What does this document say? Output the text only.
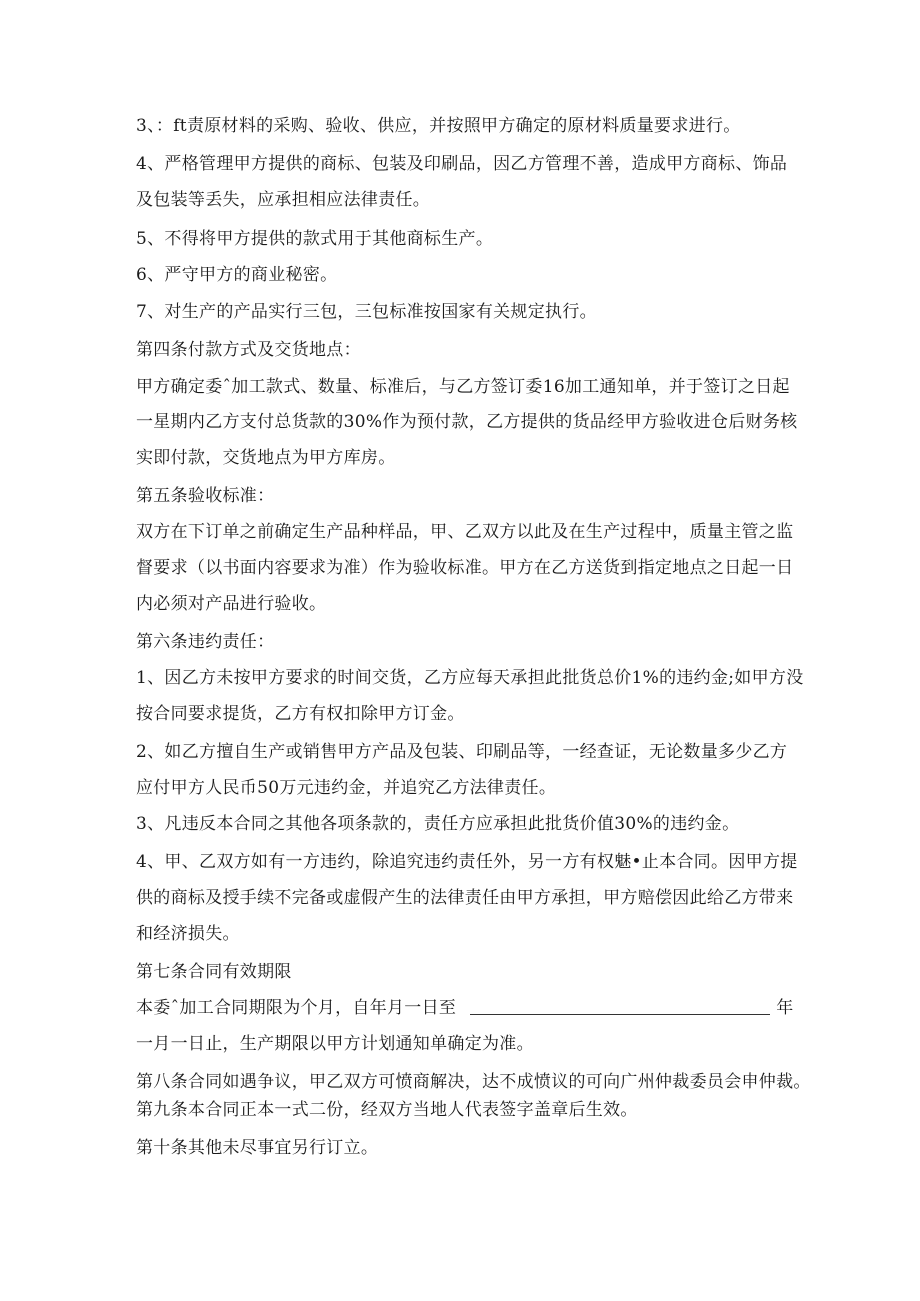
3、：ft责原材料的采购、验收、供应，并按照甲方确定的原材料质量要求进行。
4、严格管理甲方提供的商标、包装及印刷品，因乙方管理不善，造成甲方商标、饰品
及包装等丢失，应承担相应法律责任。
5、不得将甲方提供的款式用于其他商标生产。
6、严守甲方的商业秘密。
7、对生产的产品实行三包，三包标准按国家有关规定执行。
第四条付款方式及交货地点：
甲方确定委ˆ加工款式、数量、标准后，与乙方签订委16加工通知单，并于签订之日起
一星期内乙方支付总货款的30%作为预付款，乙方提供的货品经甲方验收进仓后财务核
实即付款，交货地点为甲方库房。
第五条验收标准：
双方在下订单之前确定生产品种样品，甲、乙双方以此及在生产过程中，质量主管之监
督要求（以书面内容要求为准）作为验收标准。甲方在乙方送货到指定地点之日起一日
内必须对产品进行验收。
第六条违约责任：
1、因乙方未按甲方要求的时间交货，乙方应每天承担此批货总价1%的违约金;如甲方没
按合同要求提货，乙方有权扣除甲方订金。
2、如乙方擅自生产或销售甲方产品及包装、印刷品等，一经查证，无论数量多少乙方
应付甲方人民币50万元违约金，并追究乙方法律责任。
3、凡违反本合同之其他各项条款的，责任方应承担此批货价值30%的违约金。
4、甲、乙双方如有一方违约，除追究违约责任外，另一方有权魅•止本合同。因甲方提
供的商标及授手续不完备或虚假产生的法律责任由甲方承担，甲方赔偿因此给乙方带来
和经济损失。
第七条合同有效期限
本委ˆ加工合同期限为个月，自年月一日至	年
一月一日止，生产期限以甲方计划通知单确定为准。
第八条合同如遇争议，甲乙双方可愤商解决，达不成愤议的可向广州仲裁委员会申仲裁。
第九条本合同正本一式二份，经双方当地人代表签字盖章后生效。
第十条其他未尽事宜另行订立。
